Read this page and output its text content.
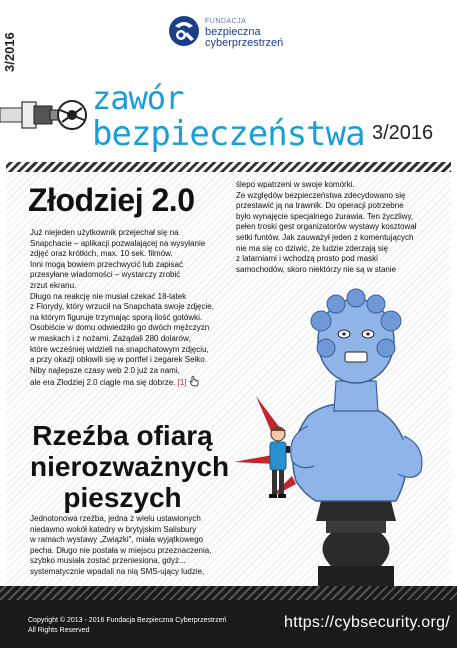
3/2016
FUNDACJA
bezpieczna
cyberprzestrzeń
zawór
bezpieczeństwa 3/2016
Złodziej 2.0
Już niejeden użytkownik przejechał się na
Snapchacie – aplikacji pozwalającej na wysyłanie
zdjęć oraz krótkich, max. 10 sek. filmów.
Inni mogą bowiem przechwycić lub zapisać
przesyłane wiadomości – wystarczy zrobić
zrzut ekranu.
Długo na reakcję nie musiał czekać 18-latek
z Florydy, który wrzucił na Snapchata swoje zdjęcie,
na którym figuruje trzymając sporą ilość gotówki.
Osobiście w domu odwiedziło go dwóch mężczyzn
w maskach i z nożami. Zażądali 280 dolarów,
które wcześniej widzieli na snapchatowym zdjęciu,
a przy okazji obłowili się w portfel i zegarek Seiko.
Niby najlepsze czasy web 2.0 już za nami,
ale era Złodziej 2.0 ciągle ma się dobrze. [1]
ślepo wpatrzeni w swoje komórki.
Ze względów bezpieczeństwa zdecydowano się
przestawić ją na trawnik. Do operacji potrzebne
było wynajęcie specjalnego żurawia. Ten życzliwy,
pełen troski gest organizatorów wystawy kosztował
setki funtów. Jak zauważył jeden z komentujących
nie ma się co dziwić, że ludzie zderzają się
z latarniami i wchodzą prosto pod maski
samochodów, skoro niektórzy nie są w stanie
Rzeźba ofiarą
nierozważnych
pieszych
Jednotonowa rzeźba, jedna z wielu ustawionych
niedawno wokół katedry w brytyjskim Salisbury
w ramach wystawy „Związki", miała wyjątkowego
pecha. Długo nie postała w miejscu przeznaczenia,
szybko musiała zostać przeniesiona, gdyż...
systematycznie wpadali na nią SMS-ujący ludzie,
Copyright © 2013 - 2016 Fundacja Bezpieczna Cyberprzestrzeń
All Rights Reserved	https://cybsecurity.org/
